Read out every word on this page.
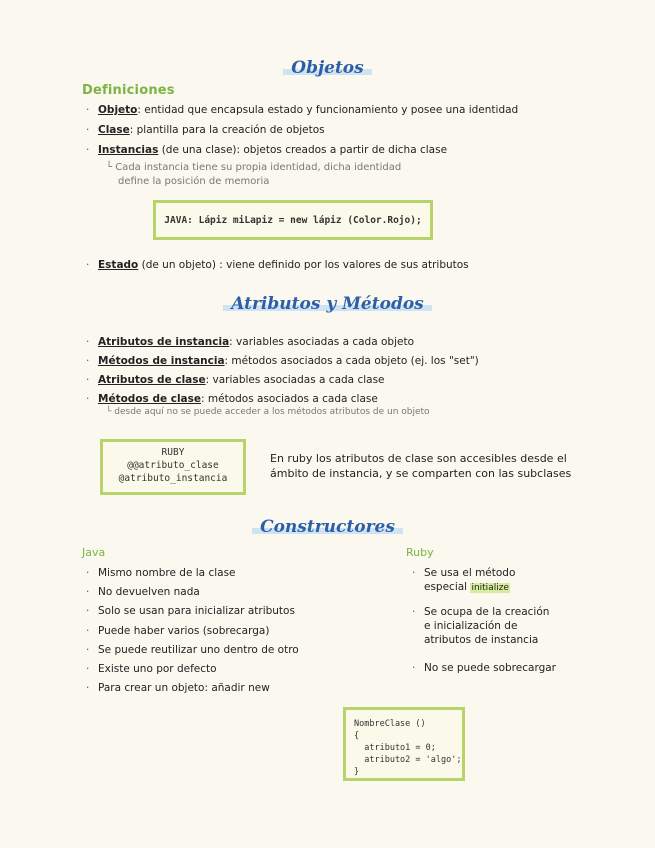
Objetos
Definiciones
· Objeto: entidad que encapsula estado y funcionamiento y posee una identidad
· Clase: plantilla para la creación de objetos
· Instancias (de una clase): objetos creados a partir de dicha clase
└ Cada instancia tiene su propia identidad, dicha identidad
define la posición de memoria
JAVA: Lápiz miLapiz = new lápiz (Color.Rojo);
· Estado (de un objeto) : viene definido por los valores de sus atributos
Atributos y Métodos
· Atributos de instancia: variables asociadas a cada objeto
· Métodos de instancia: métodos asociados a cada objeto (ej. los "set")
· Atributos de clase: variables asociadas a cada clase
· Métodos de clase: métodos asociados a cada clase
└ desde aquí no se puede acceder a los métodos atributos de un objeto
RUBY
@@atributo_clase
@atributo_instancia
En ruby los atributos de clase son accesibles desde el
ámbito de instancia, y se comparten con las subclases
Constructores
Java	Ruby
· Mismo nombre de la clase
· No devuelven nada
· Solo se usan para inicializar atributos
· Puede haber varios (sobrecarga)
· Se puede reutilizar uno dentro de otro
· Existe uno por defecto
· Para crear un objeto: añadir new
· Se usa el método
especial initialize
· Se ocupa de la creación
e inicialización de
atributos de instancia
· No se puede sobrecargar
NombreClase ()
{
atributo1 = 0;
atributo2 = 'algo';
}
